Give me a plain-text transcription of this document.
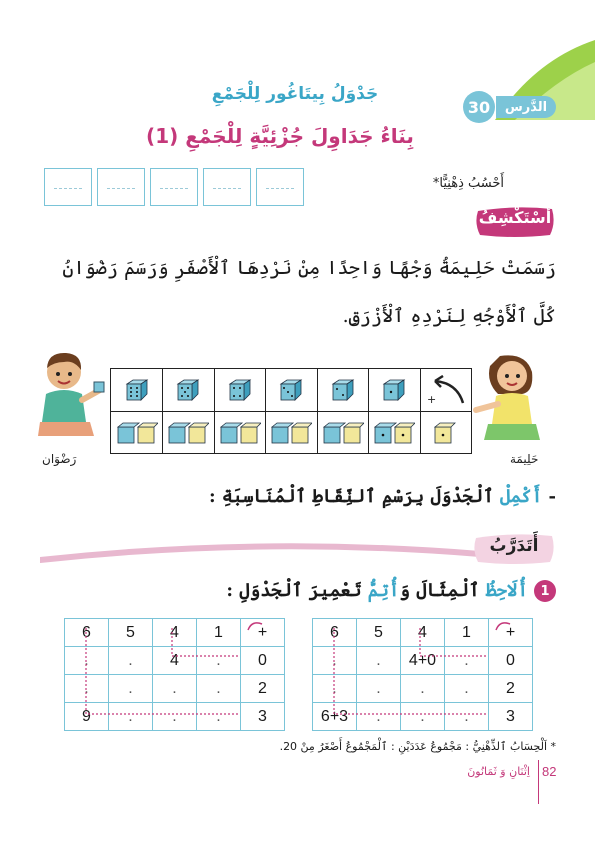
30	الدَّرس
جَدْوَلُ بِيتَاغُور لِلْجَمْعِ
بِنَاءُ جَدَاوِلَ جُزْئِيَّةٍ لِلْجَمْعِ (1)
أَحْسُبُ ذِهْنِيًّا*
أَسْتَكْشِفُ
رَسَمَتْ حَلِيمَةُ وَجْهًا وَاحِدًا مِنْ نَرْدِهَا ٱلْأَصْفَرِ وَرَسَمَ رَضْوَانُ كُلَّ ٱلْأَوْجُهِ لِنَرْدِهِ ٱلْأَزْرَقِ.
رَضْوَان	حَلِيمَة
+
- أَكْمِلْ ٱلْجَدْوَلَ بِرَسْمِ ٱلنِّقَاطِ ٱلْمُنَاسِبَةِ :
أَتَدَرَّبُ
1أُلَاحِظُ ٱلْمِثَالَ وَأُتِمُّ تَعْمِيرَ ٱلْجَدْوَلِ :
6	5	4	1	+
.	.	4	.	0
.	.	.	.	2
9	.	.	.	3
6	5	4	1	+
.	.	4+0	.	0
.	.	.	.	2
6+3	.	.	.	3
* اَلْحِسَابُ ٱلذِّهْنِيُّ : مَجْمُوعُ عَدَدَيْنِ : ٱلْمَجْمُوعُ أَصْغَرُ مِنْ 20.
اِثْنَانِ وَ ثَمَانُونَ 82
